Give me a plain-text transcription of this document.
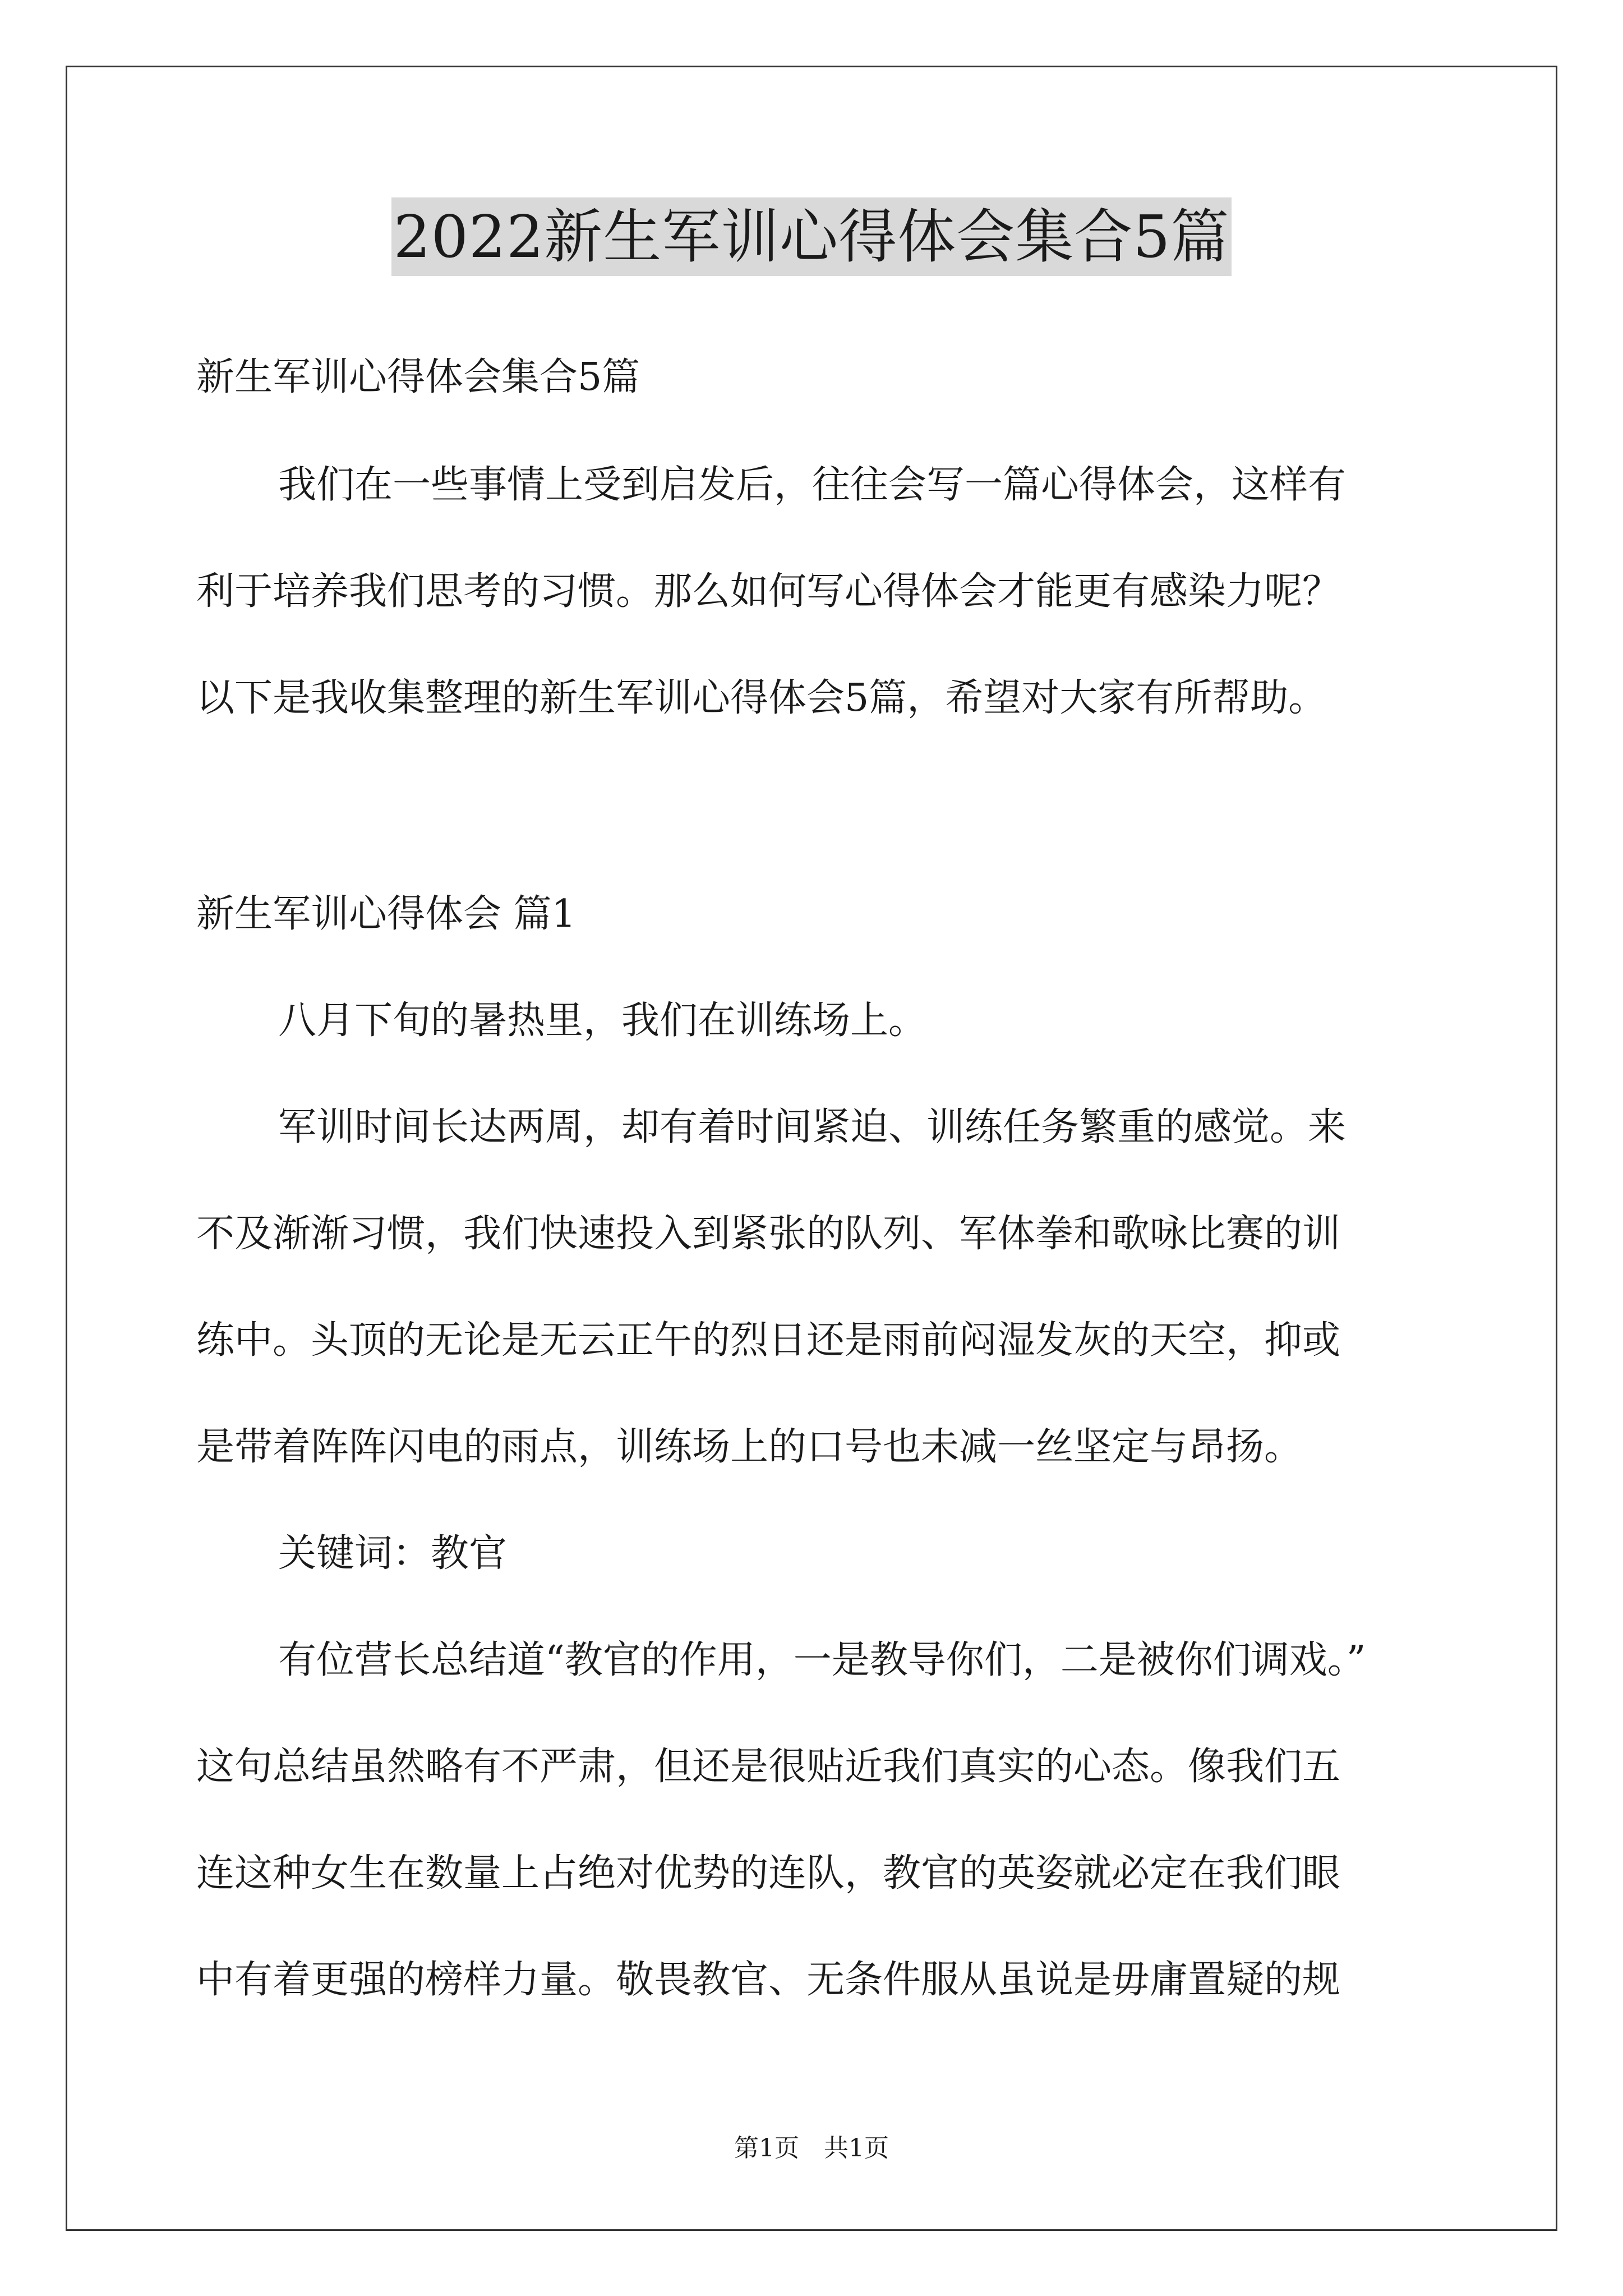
2022新生军训心得体会集合5篇
新生军训心得体会集合5篇
我们在一些事情上受到启发后，往往会写一篇心得体会，这样有
利于培养我们思考的习惯。那么如何写心得体会才能更有感染力呢？
以下是我收集整理的新生军训心得体会5篇，希望对大家有所帮助。
新生军训心得体会 篇1
八月下旬的暑热里，我们在训练场上。
军训时间长达两周，却有着时间紧迫、训练任务繁重的感觉。来
不及渐渐习惯，我们快速投入到紧张的队列、军体拳和歌咏比赛的训
练中。头顶的无论是无云正午的烈日还是雨前闷湿发灰的天空，抑或
是带着阵阵闪电的雨点，训练场上的口号也未减一丝坚定与昂扬。
关键词：教官
有位营长总结道“教官的作用，一是教导你们，二是被你们调戏。”
这句总结虽然略有不严肃，但还是很贴近我们真实的心态。像我们五
连这种女生在数量上占绝对优势的连队，教官的英姿就必定在我们眼
中有着更强的榜样力量。敬畏教官、无条件服从虽说是毋庸置疑的规
第1页　共1页
